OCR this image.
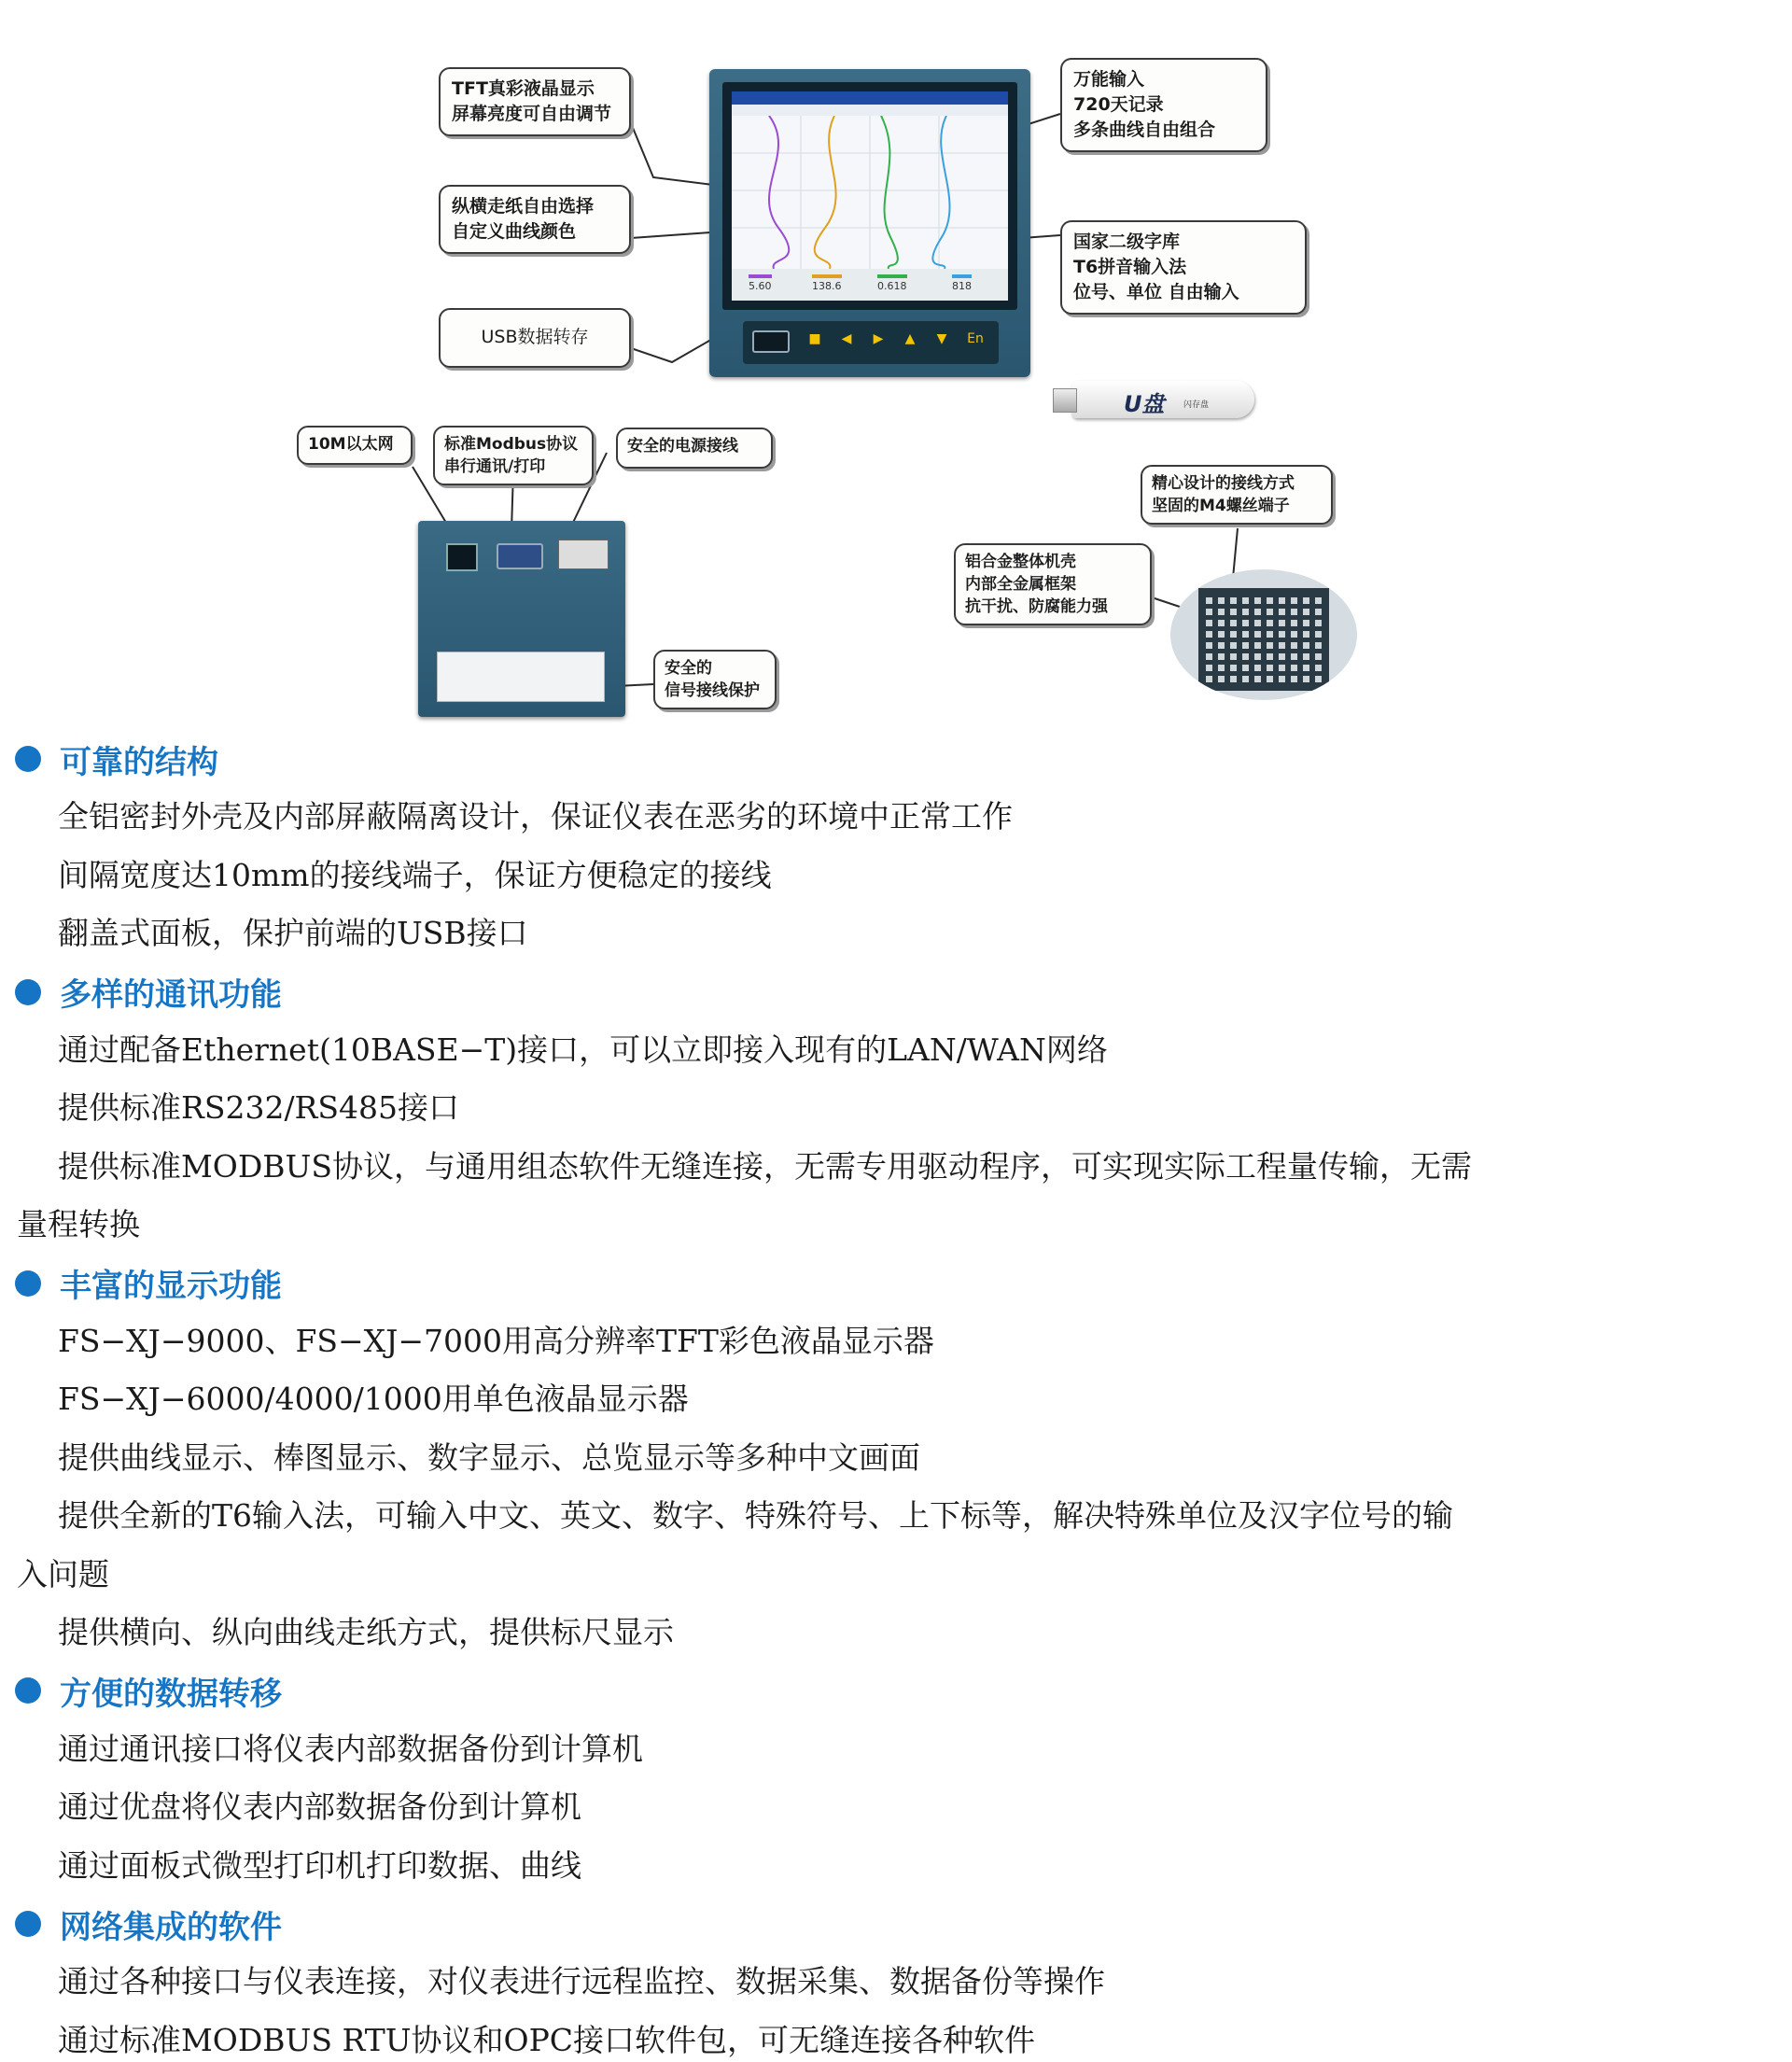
5.60	138.6	0.618	818
■ ◀ ▶ ▲ ▼ En
U盘 闪存盘
TFT真彩液晶显示
屏幕亮度可自由调节
万能输入
720天记录
多条曲线自由组合
纵横走纸自由选择
自定义曲线颜色	国家二级字库
T6拼音输入法
位号、单位 自由输入
USB数据转存
10M以太网	标准Modbus协议
串行通讯/打印
安全的电源接线
精心设计的接线方式
坚固的M4螺丝端子
铝合金整体机壳
内部全金属框架
抗干扰、防腐能力强
安全的
信号接线保护
可靠的结构
全铝密封外壳及内部屏蔽隔离设计，保证仪表在恶劣的环境中正常工作
间隔宽度达10mm的接线端子，保证方便稳定的接线
翻盖式面板，保护前端的USB接口
多样的通讯功能
通过配备Ethernet(10BASE−T)接口，可以立即接入现有的LAN/WAN网络
提供标准RS232/RS485接口
提供标准MODBUS协议，与通用组态软件无缝连接，无需专用驱动程序，可实现实际工程量传输，无需
量程转换
丰富的显示功能
FS−XJ−9000、FS−XJ−7000用高分辨率TFT彩色液晶显示器
FS−XJ−6000/4000/1000用单色液晶显示器
提供曲线显示、棒图显示、数字显示、总览显示等多种中文画面
提供全新的T6输入法，可输入中文、英文、数字、特殊符号、上下标等，解决特殊单位及汉字位号的输
入问题
提供横向、纵向曲线走纸方式，提供标尺显示
方便的数据转移
通过通讯接口将仪表内部数据备份到计算机
通过优盘将仪表内部数据备份到计算机
通过面板式微型打印机打印数据、曲线
网络集成的软件
通过各种接口与仪表连接，对仪表进行远程监控、数据采集、数据备份等操作
通过标准MODBUS RTU协议和OPC接口软件包，可无缝连接各种软件
